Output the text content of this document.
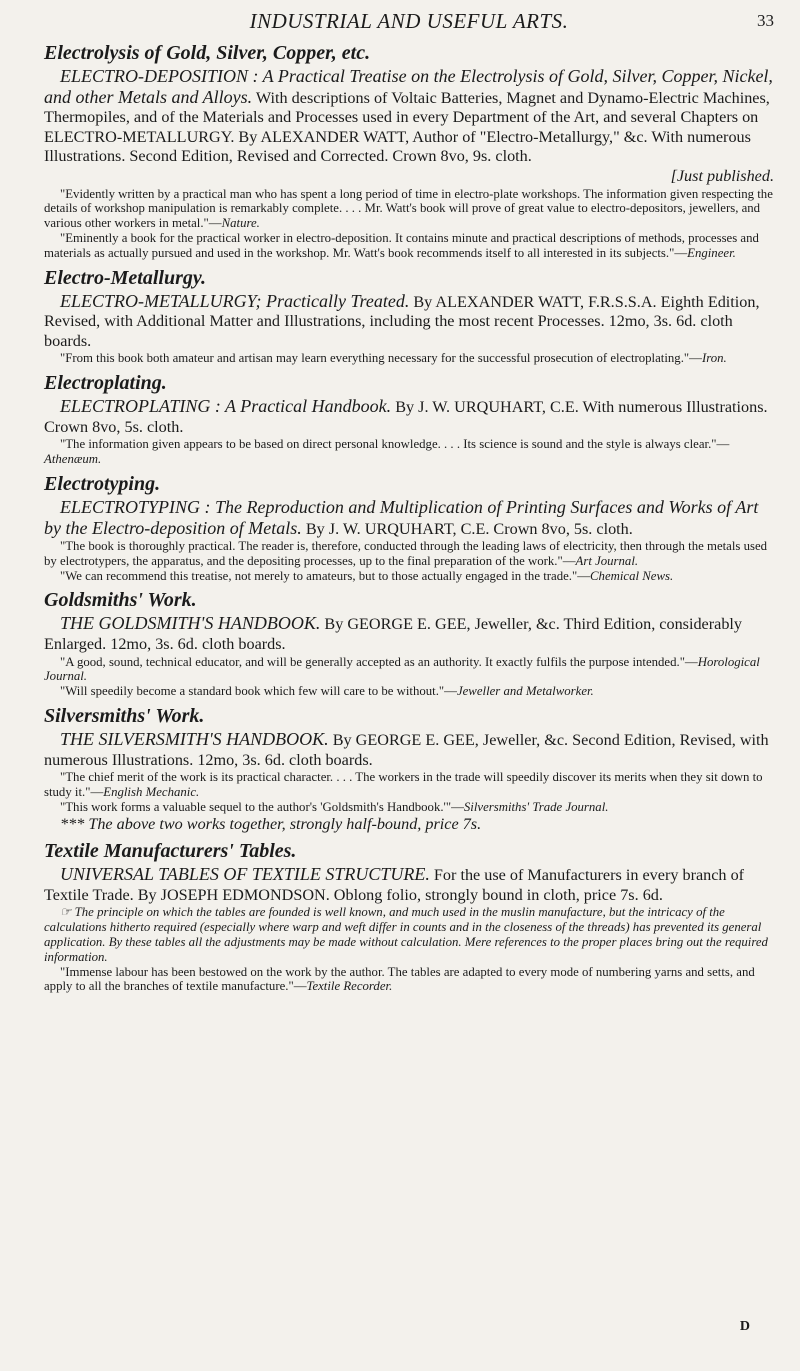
INDUSTRIAL AND USEFUL ARTS.	33
Electrolysis of Gold, Silver, Copper, etc.

ELECTRO-DEPOSITION : A Practical Treatise on the Electrolysis of Gold, Silver, Copper, Nickel, and other Metals and Alloys. With descriptions of Voltaic Batteries, Magnet and Dynamo-Electric Machines, Thermopiles, and of the Materials and Processes used in every Department of the Art, and several Chapters on ELECTRO-METALLURGY. By ALEXANDER WATT, Author of "Electro-Metallurgy," &c. With numerous Illustrations. Second Edition, Revised and Corrected. Crown 8vo, 9s. cloth.
[Just published.

"Evidently written by a practical man who has spent a long period of time in electro-plate workshops. The information given respecting the details of workshop manipulation is remarkably complete. . . . Mr. Watt's book will prove of great value to electro-depositors, jewellers, and various other workers in metal."—Nature.

"Eminently a book for the practical worker in electro-deposition. It contains minute and practical descriptions of methods, processes and materials as actually pursued and used in the workshop. Mr. Watt's book recommends itself to all interested in its subjects."—Engineer.

Electro-Metallurgy.

ELECTRO-METALLURGY; Practically Treated. By ALEXANDER WATT, F.R.S.S.A. Eighth Edition, Revised, with Additional Matter and Illustrations, including the most recent Processes. 12mo, 3s. 6d. cloth boards.

"From this book both amateur and artisan may learn everything necessary for the successful prosecution of electroplating."—Iron.

Electroplating.

ELECTROPLATING : A Practical Handbook. By J. W. URQUHART, C.E. With numerous Illustrations. Crown 8vo, 5s. cloth.

"The information given appears to be based on direct personal knowledge. . . . Its science is sound and the style is always clear."—Athenæum.

Electrotyping.

ELECTROTYPING : The Reproduction and Multiplication of Printing Surfaces and Works of Art by the Electro-deposition of Metals. By J. W. URQUHART, C.E. Crown 8vo, 5s. cloth.

"The book is thoroughly practical. The reader is, therefore, conducted through the leading laws of electricity, then through the metals used by electrotypers, the apparatus, and the depositing processes, up to the final preparation of the work."—Art Journal.

"We can recommend this treatise, not merely to amateurs, but to those actually engaged in the trade."—Chemical News.

Goldsmiths' Work.

THE GOLDSMITH'S HANDBOOK. By GEORGE E. GEE, Jeweller, &c. Third Edition, considerably Enlarged. 12mo, 3s. 6d. cloth boards.

"A good, sound, technical educator, and will be generally accepted as an authority. It exactly fulfils the purpose intended."—Horological Journal.

"Will speedily become a standard book which few will care to be without."—Jeweller and Metalworker.

Silversmiths' Work.

THE SILVERSMITH'S HANDBOOK. By GEORGE E. GEE, Jeweller, &c. Second Edition, Revised, with numerous Illustrations. 12mo, 3s. 6d. cloth boards.

"The chief merit of the work is its practical character. . . . The workers in the trade will speedily discover its merits when they sit down to study it."—English Mechanic.

"This work forms a valuable sequel to the author's 'Goldsmith's Handbook.'"—Silversmiths' Trade Journal.

*** The above two works together, strongly half-bound, price 7s.

Textile Manufacturers' Tables.

UNIVERSAL TABLES OF TEXTILE STRUCTURE. For the use of Manufacturers in every branch of Textile Trade. By JOSEPH EDMONDSON. Oblong folio, strongly bound in cloth, price 7s. 6d.

☞ The principle on which the tables are founded is well known, and much used in the muslin manufacture, but the intricacy of the calculations hitherto required (especially where warp and weft differ in counts and in the closeness of the threads) has prevented its general application. By these tables all the adjustments may be made without calculation. Mere references to the proper places bring out the required information.

"Immense labour has been bestowed on the work by the author. The tables are adapted to every mode of numbering yarns and setts, and apply to all the branches of textile manufacture."—Textile Recorder.

D
